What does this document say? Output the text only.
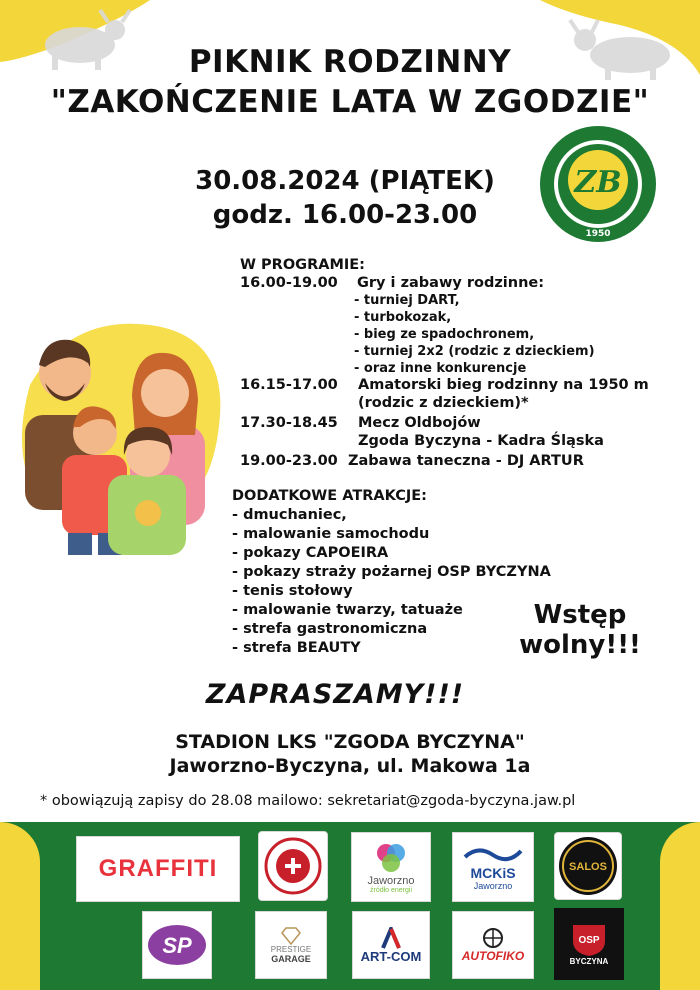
PIKNIK RODZINNY
"ZAKOŃCZENIE LATA W ZGODZIE"
30.08.2024 (PIĄTEK)
godz. 16.00-23.00
ZB
1950
W PROGRAMIE:
16.00-19.00 Gry i zabawy rodzinne:
- turniej DART,
- turbokozak,
- bieg ze spadochronem,
- turniej 2x2 (rodzic z dzieckiem)
- oraz inne konkurencje
16.15-17.00 Amatorski bieg rodzinny na 1950 m
(rodzic z dzieckiem)*
17.30-18.45 Mecz Oldbojów
Zgoda Byczyna - Kadra Śląska
19.00-23.00 Zabawa taneczna - DJ ARTUR
DODATKOWE ATRAKCJE:
- dmuchaniec,
- malowanie samochodu
- pokazy CAPOEIRA
- pokazy straży pożarnej OSP BYCZYNA
- tenis stołowy
- malowanie twarzy, tatuaże
- strefa gastronomiczna
- strefa BEAUTY
Wstęp
wolny!!!
ZAPRASZAMY!!!
STADION LKS "ZGODA BYCZYNA"
Jaworzno-Byczyna, ul. Makowa 1a
* obowiązują zapisy do 28.08 mailowo: sekretariat@zgoda-byczyna.jaw.pl
GRAFFITI	Jaworzno
źródło energii
MCKiS
Jaworzno
SALOS
SP	PRESTIGE
GARAGE	ART-COM	AUTOFIKO
OSP
BYCZYNA
